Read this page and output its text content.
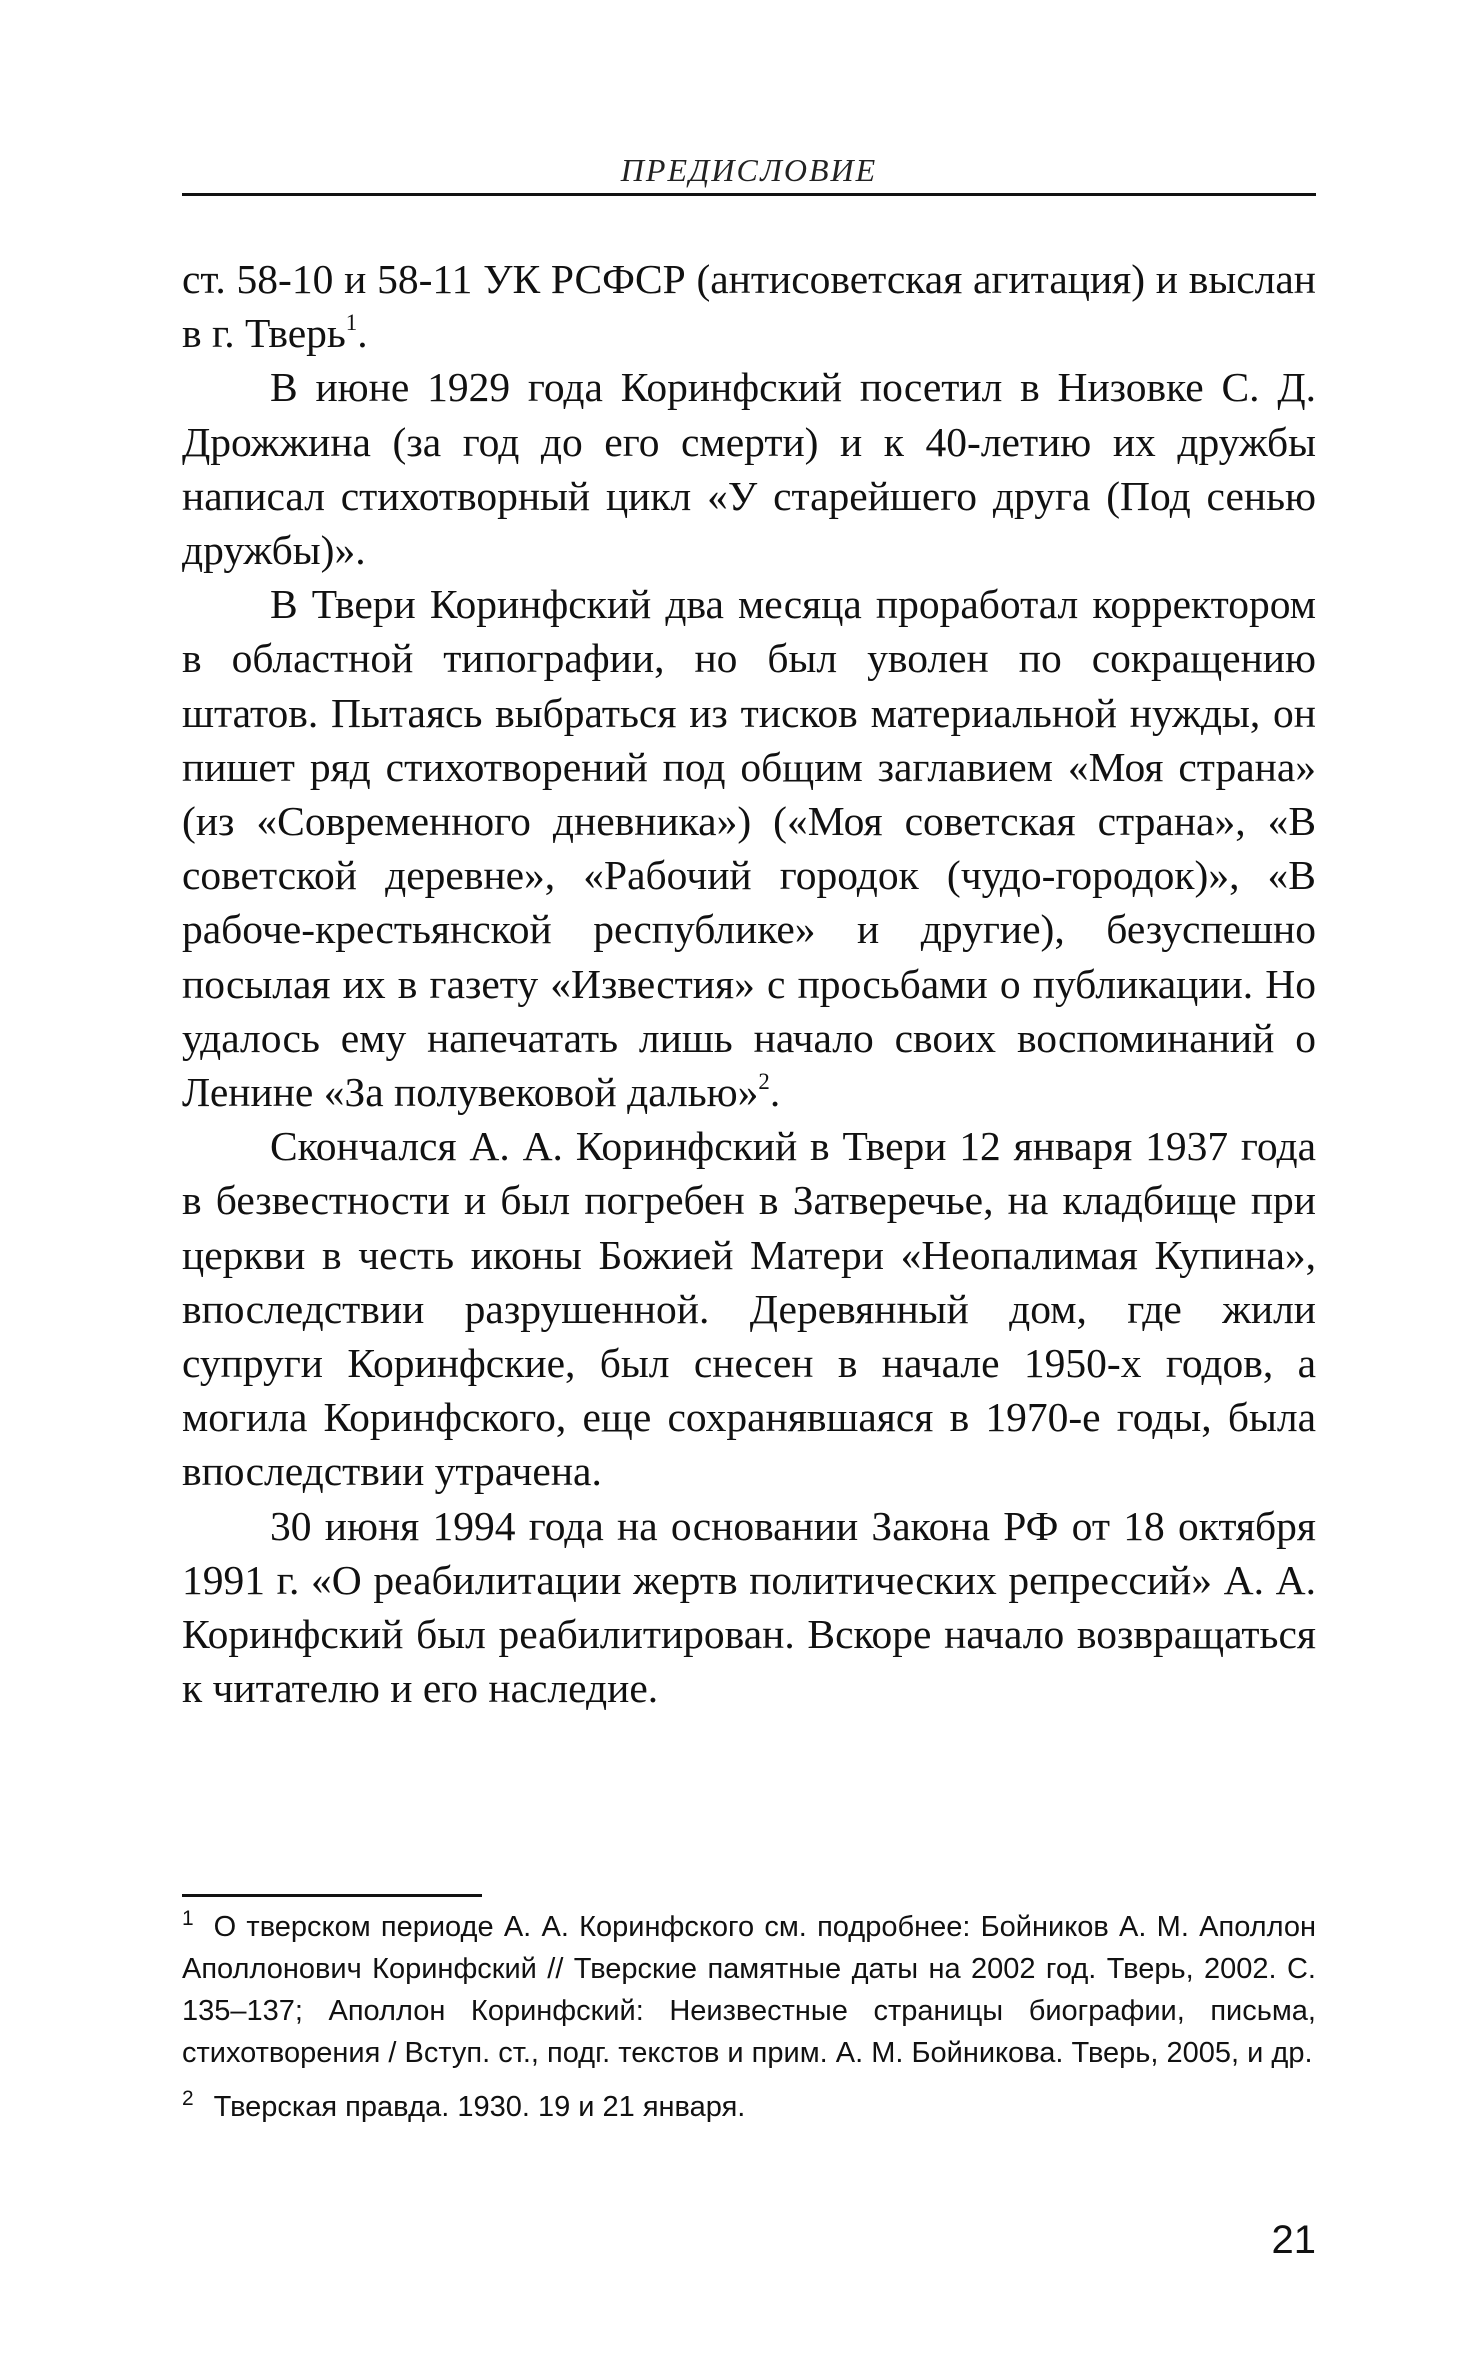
ПРЕДИСЛОВИЕ

ст. 58-10 и 58-11 УК РСФСР (антисоветская агитация) и выслан в г. Тверь$^1$.

В июне 1929 года Коринфский посетил в Низовке С. Д. Дрожжина (за год до его смерти) и к 40-летию их дружбы написал стихотворный цикл «У старейшего друга (Под сенью дружбы)».

В Твери Коринфский два месяца проработал корректором в областной типографии, но был уволен по сокращению штатов. Пытаясь выбраться из тисков материальной нужды, он пишет ряд стихотворений под общим заглавием «Моя страна» (из «Современного дневника») («Моя советская страна», «В советской деревне», «Рабочий городок (чудо-городок)», «В рабоче-крестьянской республике» и другие), безуспешно посылая их в газету «Известия» с просьбами о публикации. Но удалось ему напечатать лишь начало своих воспоминаний о Ленине «За полувековой далью»$^2$.

Скончался А. А. Коринфский в Твери 12 января 1937 года в безвестности и был погребен в Затверечье, на кладбище при церкви в честь иконы Божией Матери «Неопалимая Купина», впоследствии разрушенной. Деревянный дом, где жили супруги Коринфские, был снесен в начале 1950-х годов, а могила Коринфского, еще сохранявшаяся в 1970-е годы, была впоследствии утрачена.

30 июня 1994 года на основании Закона РФ от 18 октября 1991 г. «О реабилитации жертв политических репрессий» А. А. Коринфский был реабилитирован. Вскоре начало возвращаться к читателю и его наследие.

$^1$ О тверском периоде А. А. Коринфского см. подробнее: Бойников А. М. Аполлон Аполлонович Коринфский // Тверские памятные даты на 2002 год. Тверь, 2002. С. 135–137; Аполлон Коринфский: Неизвестные страницы биографии, письма, стихотворения / Вступ. ст., подг. текстов и прим. А. М. Бойникова. Тверь, 2005, и др.

$^2$ Тверская правда. 1930. 19 и 21 января.

21
